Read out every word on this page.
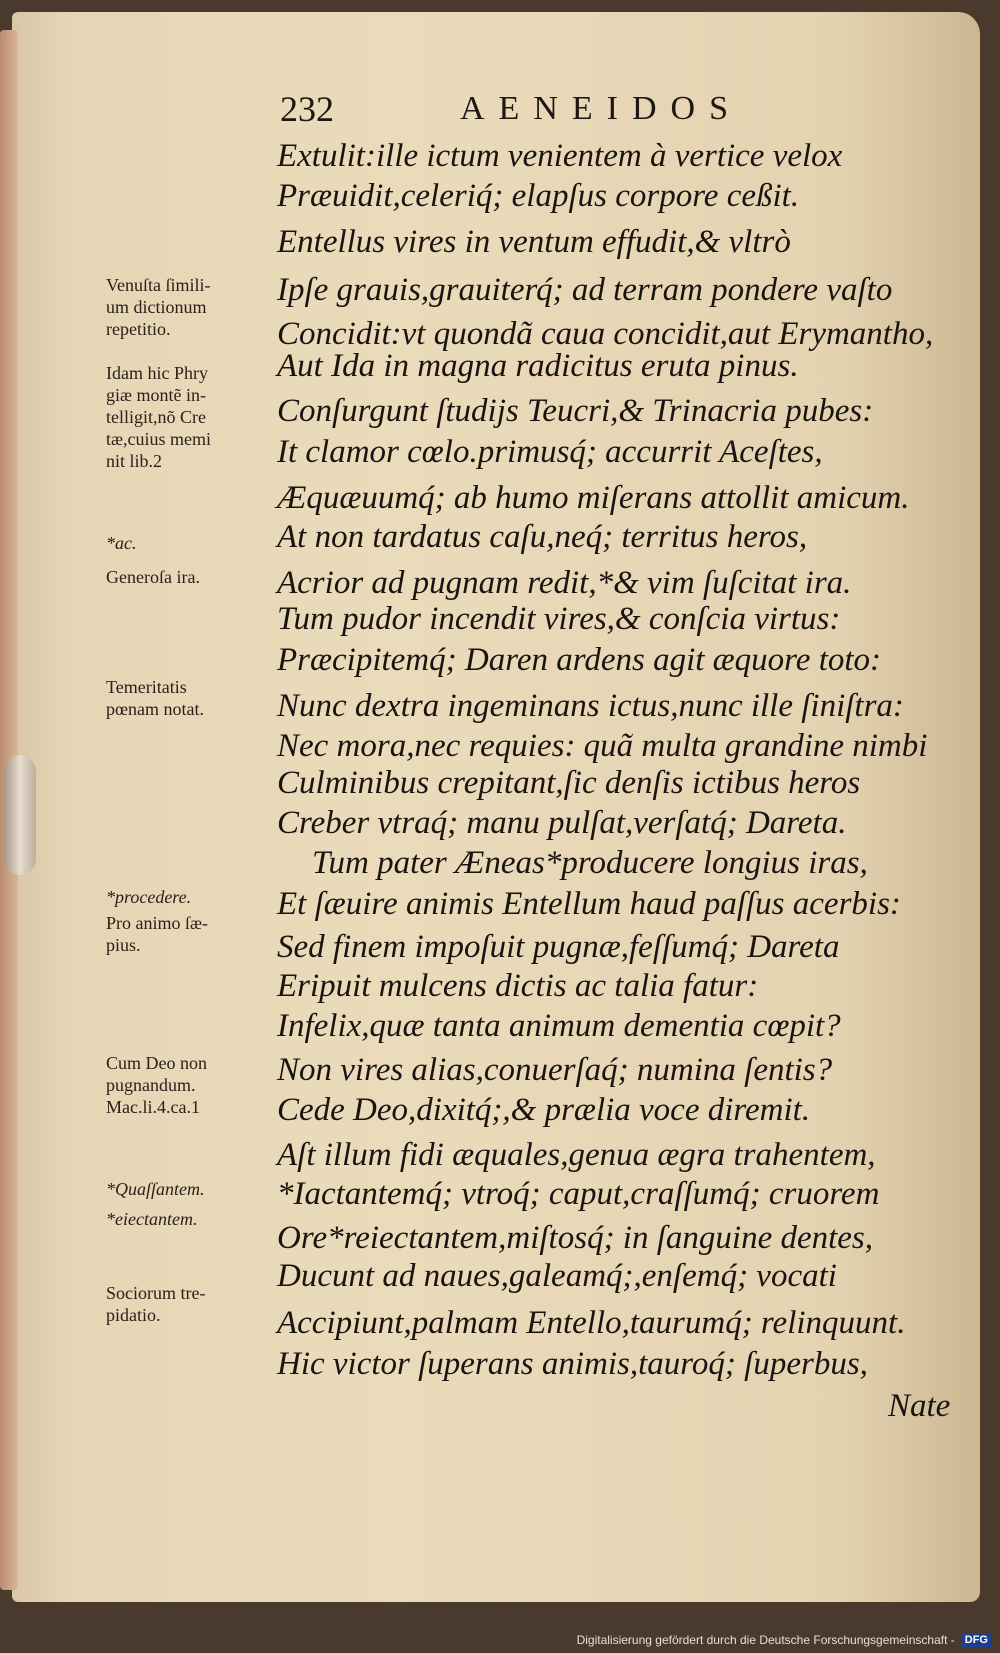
232	AENEIDOS
Extulit:ille ictum venientem à vertice velox
Præuidit,celeriq́; elapſus corpore ceßit.
Entellus vires in ventum effudit,& vltrò
Ipſe grauis,grauiterq́; ad terram pondere vaſto
Concidit:vt quondã caua concidit,aut Erymantho,
Aut Ida in magna radicitus eruta pinus.
Conſurgunt ſtudijs Teucri,& Trinacria pubes:
It clamor cœlo.primusq́; accurrit Aceſtes,
Æquæuumq́; ab humo miſerans attollit amicum.
At non tardatus caſu,neq́; territus heros,
Acrior ad pugnam redit,*& vim ſuſcitat ira.
Tum pudor incendit vires,& conſcia virtus:
Præcipitemq́; Daren ardens agit æquore toto:
Nunc dextra ingeminans ictus,nunc ille ſiniſtra:
Nec mora,nec requies: quã multa grandine nimbi
Culminibus crepitant,ſic denſis ictibus heros
Creber vtraq́; manu pulſat,verſatq́; Dareta.
Tum pater Æneas*producere longius iras,
Et ſæuire animis Entellum haud paſſus acerbis:
Sed finem impoſuit pugnæ,feſſumq́; Dareta
Eripuit mulcens dictis ac talia fatur:
Infelix,quæ tanta animum dementia cœpit?
Non vires alias,conuerſaq́; numina ſentis?
Cede Deo,dixitq́;,& prælia voce diremit.
Aſt illum fidi æquales,genua ægra trahentem,
*Iactantemq́; vtroq́; caput,craſſumq́; cruorem
Ore*reiectantem,miſtosq́; in ſanguine dentes,
Ducunt ad naues,galeamq́;,enſemq́; vocati
Accipiunt,palmam Entello,taurumq́; relinquunt.
Hic victor ſuperans animis,tauroq́; ſuperbus,
Venuſta ſimili-
um dictionum
repetitio.
Idam hic Phry
giæ montẽ in-
telligit,nõ Cre
tæ,cuius memi
nit lib.2
*ac.
Generoſa ira.
Temeritatis
pœnam notat.
*procedere.
Pro animo ſæ-
pius.
Cum Deo non
pugnandum.
Mac.li.4.ca.1
*Quaſſantem.
*eiectantem.
Sociorum tre-
pidatio.
Nate
Digitalisierung gefördert durch die Deutsche Forschungsgemeinschaft - DFG
